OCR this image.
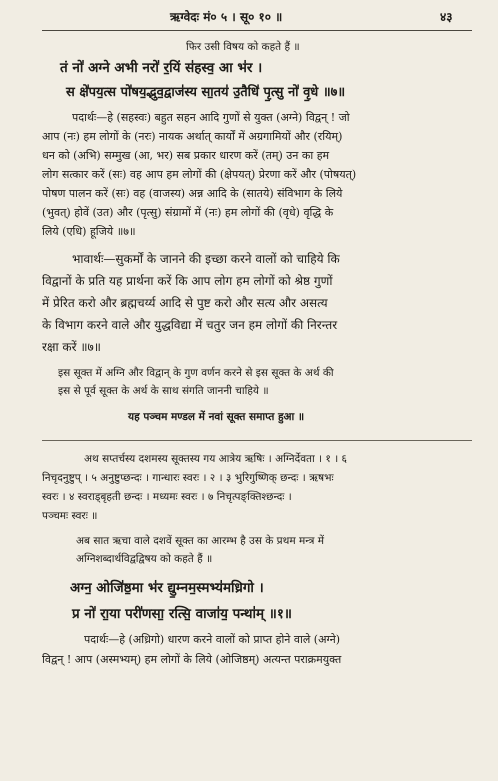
ऋग्वेदः मं० ५ । सू० १० ॥	४३
फिर उसी विषय को कहते हैं ॥
तं नो॑ अग्ने अभी नरो॑ र॒यिं स॑हस्व॒ आ भ॑र ।
स क्षे॑पय॒त्स पो॑षय॒द्भुव॒द्वाज॑स्य सा॒तय॑ उ॒तैधि॑ पृ॒त्सु नो॑ वृ॒धे ॥७॥
पदार्थः—हे (सहस्वः) बहुत सहन आदि गुणों से युक्त (अग्ने) विद्वन् ! जो
आप (नः) हम लोगों के (नरः) नायक अर्थात् कार्यों में अग्रगामियों और (रयिम्)
धन को (अभि) सम्मुख (आ, भर) सब प्रकार धारण करें (तम्) उन का हम
लोग सत्कार करें (सः) वह आप हम लोगों की (क्षेपयत्) प्रेरणा करें और (पोषयत्)
पोषण पालन करें (सः) वह (वाजस्य) अन्न आदि के (सातये) संविभाग के लिये
(भुवत्) होवें (उत) और (पृत्सु) संग्रामों में (नः) हम लोगों की (वृधे) वृद्धि के
लिये (एधि) हूजिये ॥७॥
भावार्थः—सुकर्मों के जानने की इच्छा करने वालों को चाहिये कि
विद्वानों के प्रति यह प्रार्थना करें कि आप लोग हम लोगों को श्रेष्ठ गुणों
में प्रेरित करो और ब्रह्मचर्य्य आदि से पुष्ट करो और सत्य और असत्य
के विभाग करने वाले और युद्धविद्या में चतुर जन हम लोगों की निरन्तर
रक्षा करें ॥७॥
इस सूक्त में अग्नि और विद्वान् के गुण वर्णन करने से इस सूक्त के अर्थ की
इस से पूर्व सूक्त के अर्थ के साथ संगति जाननी चाहिये ॥
यह पञ्चम मण्डल में नवां सूक्त समाप्त हुआ ॥
अथ सप्तर्चस्य दशमस्य सूक्तस्य गय आत्रेय ऋषिः । अग्निर्देवता । १ । ६
निचृदनुष्टुप् । ५ अनुष्टुप्छन्दः । गान्धारः स्वरः । २ । ३ भुरिगुष्णिक् छन्दः । ऋषभः
स्वरः । ४ स्वराड्बृहती छन्दः । मध्यमः स्वरः । ७ निचृत्पङ्क्तिश्छन्दः ।
पञ्चमः स्वरः ॥
अब सात ऋचा वाले दशवें सूक्त का आरम्भ है उस के प्रथम मन्त्र में
अग्निशब्दार्थविद्वद्विषय को कहते हैं ॥
अग्न॒ ओजि॑ष्ठ॒मा भ॑र द्यु॒म्नम॒स्मभ्य॑मध्रिगो ।
प्र नो॑ रा॒या परी॑णसा॒ रत्सि॒ वाजा॑य॒ पन्था॑म् ॥१॥
पदार्थः—हे (अध्रिगो) धारण करने वालों को प्राप्त होने वाले (अग्ने)
विद्वन् ! आप (अस्मभ्यम्) हम लोगों के लिये (ओजिष्ठम्) अत्यन्त पराक्रमयुक्त
